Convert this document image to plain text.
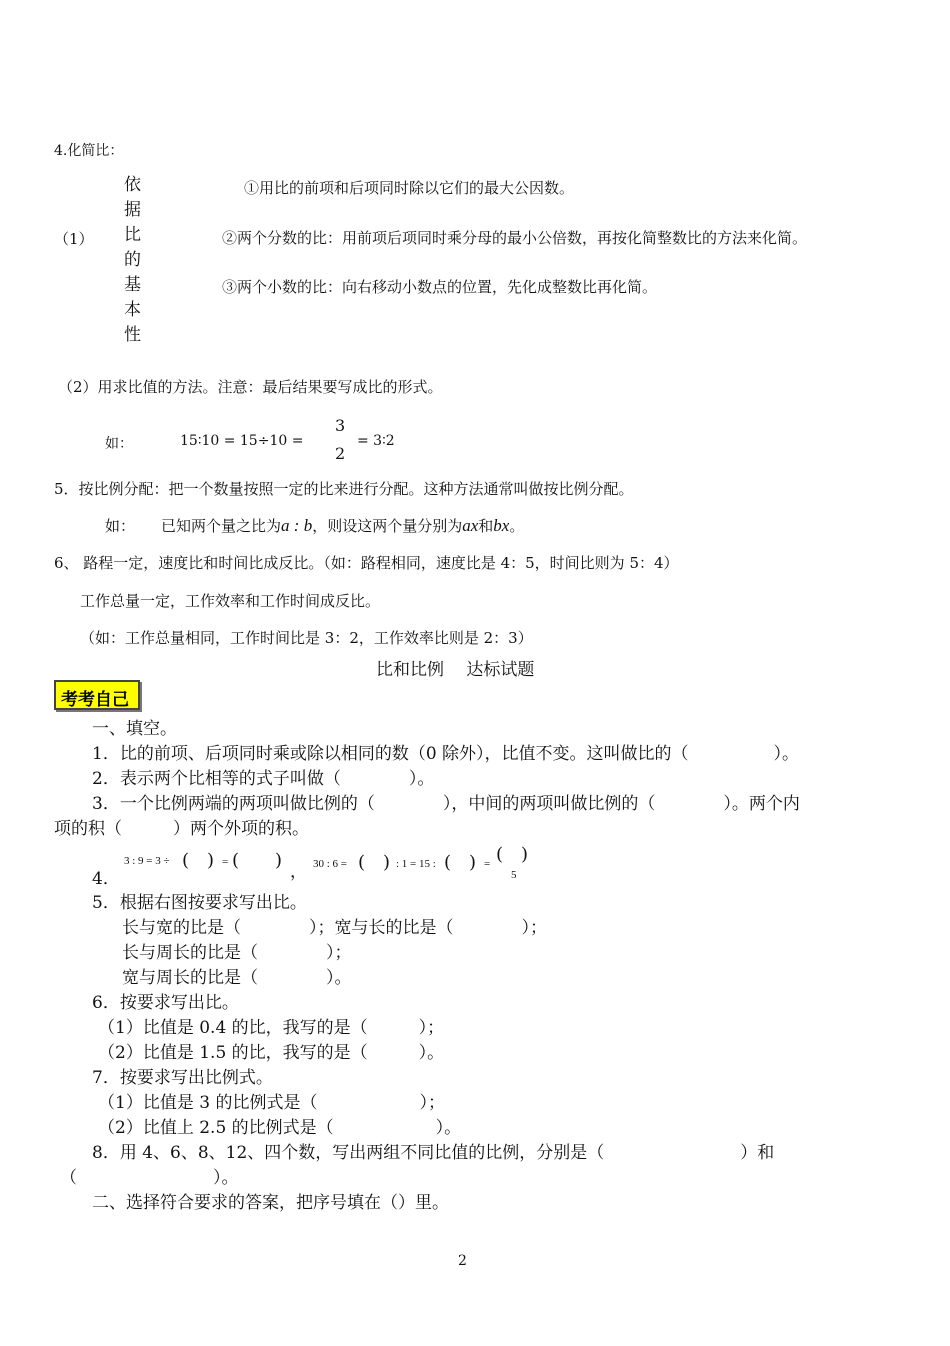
4.化简比：
（1）
依
据
比
的
基
本
性
①用比的前项和后项同时除以它们的最大公因数。
②两个分数的比：用前项后项同时乘分母的最小公倍数，再按化简整数比的方法来化简。
③两个小数的比：向右移动小数点的位置，先化成整数比再化简。
（2）用求比值的方法。注意：最后结果要写成比的形式。
如：	15∶10 = 15÷10 =
3
2
= 3∶2
5．按比例分配：把一个数量按照一定的比来进行分配。这种方法通常叫做按比例分配。
如： 已知两个量之比为a : b，则设这两个量分别为ax和bx。
6、 路程一定，速度比和时间比成反比。（如：路程相同，速度比是 4：5，时间比则为 5：4）
工作总量一定，工作效率和工作时间成反比。
（如：工作总量相同，工作时间比是 3：2，工作效率比则是 2：3）
比和比例　 达标试题
考考自己
一、填空。
1．比的前项、后项同时乘或除以相同的数（0 除外），比值不变。这叫做比的（　　　　　）。
2．表示两个比相等的式子叫做（　　　　）。
3．一个比例两端的两项叫做比例的（　　　　），中间的两项叫做比例的（　　　　）。两个内
项的积（　　　）两个外项的积。
4．
3 : 9 = 3 ÷ (　) = (　　)
， 30 : 6 = (　) : 1 = 15 : (　) = (　)
5
5．根据右图按要求写出比。
长与宽的比是（　　　　）；宽与长的比是（　　　　）；
长与周长的比是（　　　　）；
宽与周长的比是（　　　　）。
6．按要求写出比。
（1）比值是 0.4 的比，我写的是（　　　）；
（2）比值是 1.5 的比，我写的是（　　　）。
7．按要求写出比例式。
（1）比值是 3 的比例式是（　　　　　　）；
（2）比值上 2.5 的比例式是（　　　　　　）。
8．用 4、6、8、12、四个数，写出两组不同比值的比例，分别是（　　　　　　　　）和
（　　　　　　　　）。
二、选择符合要求的答案，把序号填在（）里。
2
